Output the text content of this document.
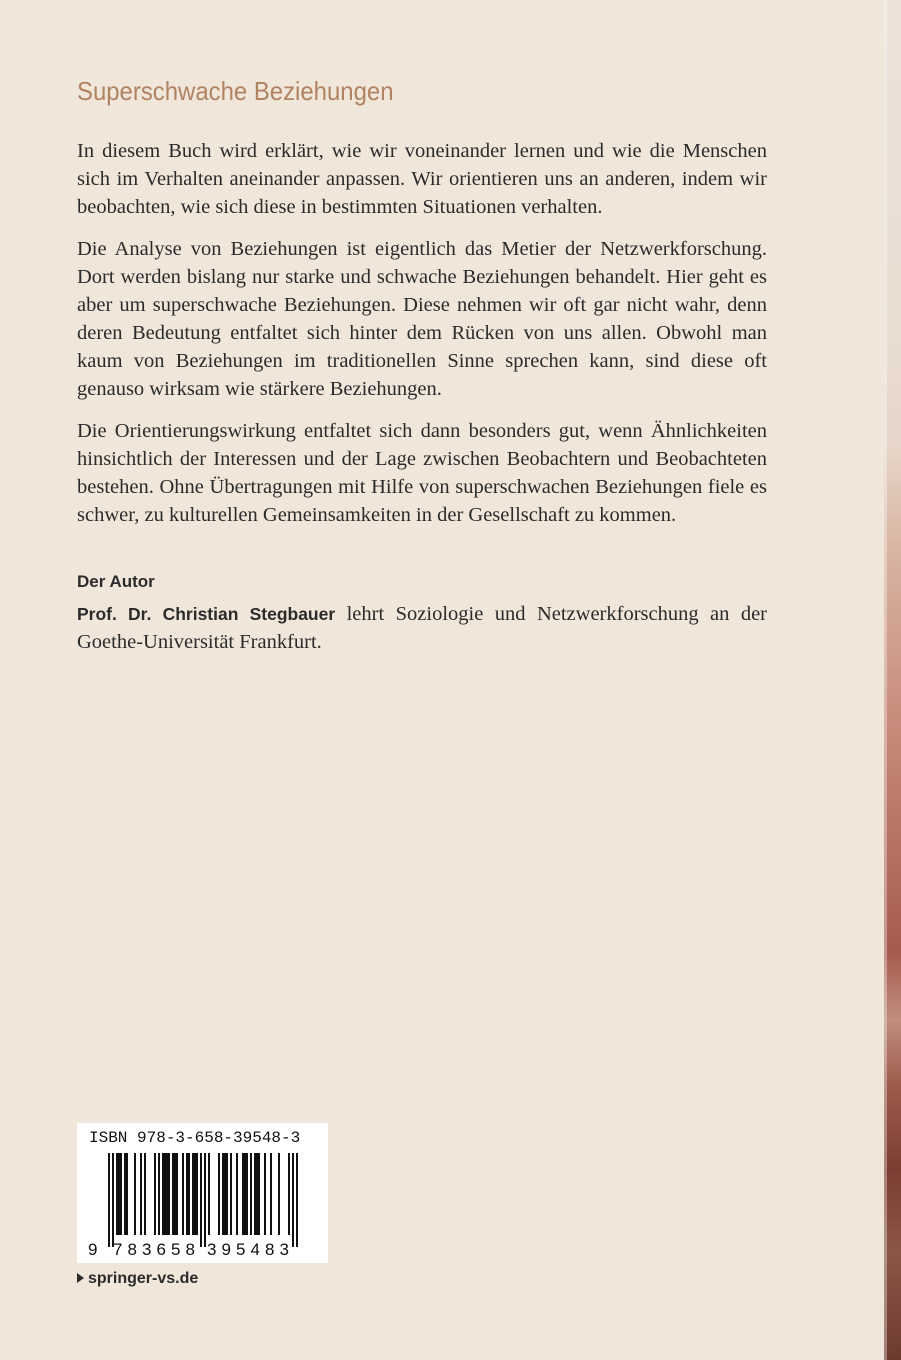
Superschwache Beziehungen

In diesem Buch wird erklärt, wie wir voneinander lernen und wie die Menschen sich im Verhalten aneinander anpassen. Wir orientieren uns an anderen, indem wir beobachten, wie sich diese in bestimmten Situationen verhalten.

Die Analyse von Beziehungen ist eigentlich das Metier der Netzwerkforschung. Dort werden bislang nur starke und schwache Beziehungen behandelt. Hier geht es aber um superschwache Beziehungen. Diese nehmen wir oft gar nicht wahr, denn deren Bedeutung entfaltet sich hinter dem Rücken von uns allen. Obwohl man kaum von Beziehungen im traditionellen Sinne sprechen kann, sind diese oft genauso wirksam wie stärkere Beziehungen.

Die Orientierungswirkung entfaltet sich dann besonders gut, wenn Ähnlichkeiten hinsichtlich der Interessen und der Lage zwischen Beobachtern und Beobachteten bestehen. Ohne Übertragungen mit Hilfe von superschwachen Beziehungen fiele es schwer, zu kulturellen Gemeinsamkeiten in der Gesellschaft zu kommen.

Der Autor

Prof. Dr. Christian Stegbauer lehrt Soziologie und Netzwerkforschung an der Goethe-Universität Frankfurt.

ISBN 978-3-658-39548-3
9 783658 395483
springer-vs.de
